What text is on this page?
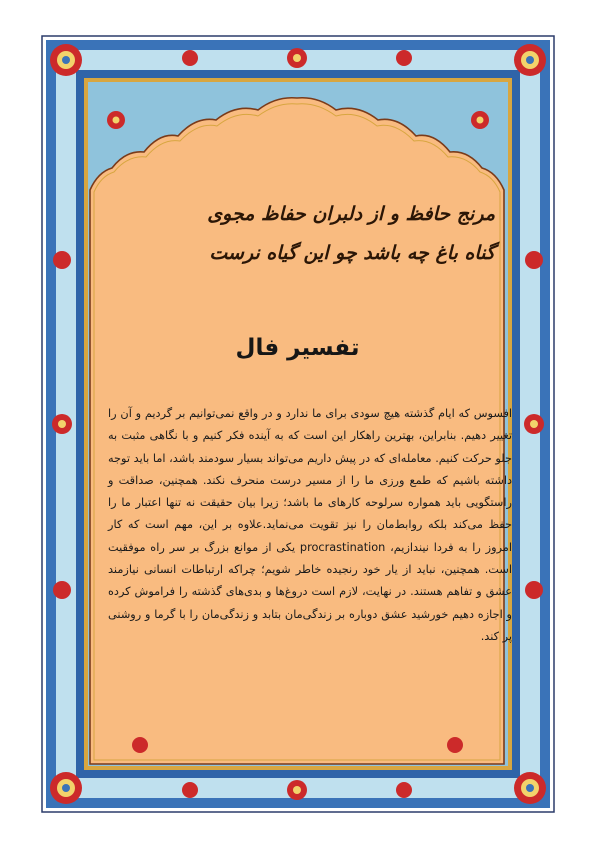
مرنج حافظ و از دلبران حفاظ مجوی
گناه باغ چه باشد چو این گیاه نرست
تفسیر فال
افسوس که ایام گذشته هیچ سودی برای ما ندارد و در واقع نمی‌توانیم بر گردیم و آن را تغییر دهیم. بنابراین، بهترین راهکار این است که به آینده فکر کنیم و با نگاهی مثبت به جلو حرکت کنیم. معامله‌ای که در پیش داریم می‌تواند بسیار سودمند باشد، اما باید توجه داشته باشیم که طمع ورزی ما را از مسیر درست منحرف نکند. همچنین، صداقت و راستگویی باید همواره سرلوحه کارهای ما باشد؛ زیرا بیان حقیقت نه تنها اعتبار ما را حفظ می‌کند بلکه روابط‌مان را نیز تقویت می‌نماید.علاوه بر این، مهم است که کار امروز را به فردا نیندازیم، procrastination یکی از موانع بزرگ بر سر راه موفقیت است. همچنین، نباید از یار خود رنجیده خاطر شویم؛ چراکه ارتباطات انسانی نیازمند عشق و تفاهم هستند. در نهایت، لازم است دروغ‌ها و بدی‌های گذشته را فراموش کرده و اجازه دهیم خورشید عشق دوباره بر زندگی‌مان بتابد و زندگی‌مان را با گرما و روشنی پر کند.
